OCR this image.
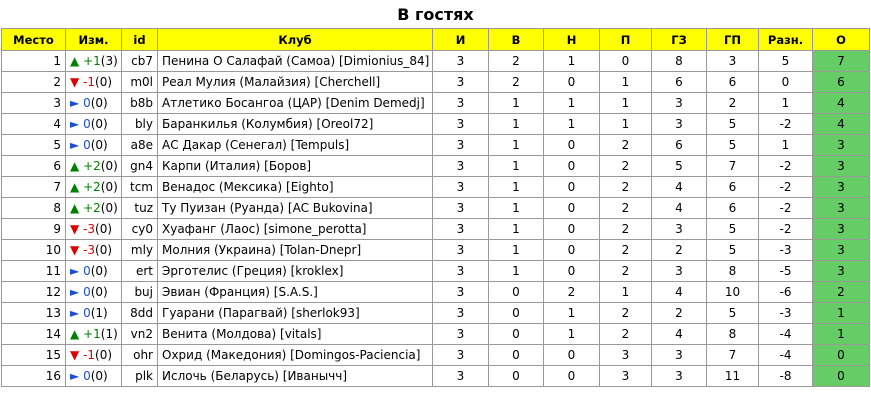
В гостях
Место	Изм.	id	Клуб	И	В	Н	П	ГЗ	ГП	Разн.	О
1	▲ +1(3)	cb7	Пенина О Салафай (Самоа) [Dimionius_84]	3	2	1	0	8	3	5	7
2	▼ -1(0)	m0l	Реал Мулия (Малайзия) [Cherchell]	3	2	0	1	6	6	0	6
3	► 0(0)	b8b	Атлетико Босангоа (ЦАР) [Denim Demedj]	3	1	1	1	3	2	1	4
4	► 0(0)	bly	Баранкилья (Колумбия) [Oreol72]	3	1	1	1	3	5	-2	4
5	► 0(0)	a8e	АС Дакар (Сенегал) [Tempuls]	3	1	0	2	6	5	1	3
6	▲ +2(0)	gn4	Карпи (Италия) [Боров]	3	1	0	2	5	7	-2	3
7	▲ +2(0)	tcm	Венадос (Мексика) [Eighto]	3	1	0	2	4	6	-2	3
8	▲ +2(0)	tuz	Ту Пуизан (Руанда) [AC Bukovina]	3	1	0	2	4	6	-2	3
9	▼ -3(0)	cy0	Хуафанг (Лаос) [simone_perotta]	3	1	0	2	3	5	-2	3
10	▼ -3(0)	mly	Молния (Украина) [Tolan-Dnepr]	3	1	0	2	2	5	-3	3
11	► 0(0)	ert	Эрготелис (Греция) [kroklex]	3	1	0	2	3	8	-5	3
12	► 0(0)	buj	Эвиан (Франция) [S.A.S.]	3	0	2	1	4	10	-6	2
13	► 0(1)	8dd	Гуарани (Парагвай) [sherlok93]	3	0	1	2	2	5	-3	1
14	▲ +1(1)	vn2	Венита (Молдова) [vitals]	3	0	1	2	4	8	-4	1
15	▼ -1(0)	ohr	Охрид (Македония) [Domingos-Paciencia]	3	0	0	3	3	7	-4	0
16	► 0(0)	plk	Ислочь (Беларусь) [Иванычч]	3	0	0	3	3	11	-8	0
